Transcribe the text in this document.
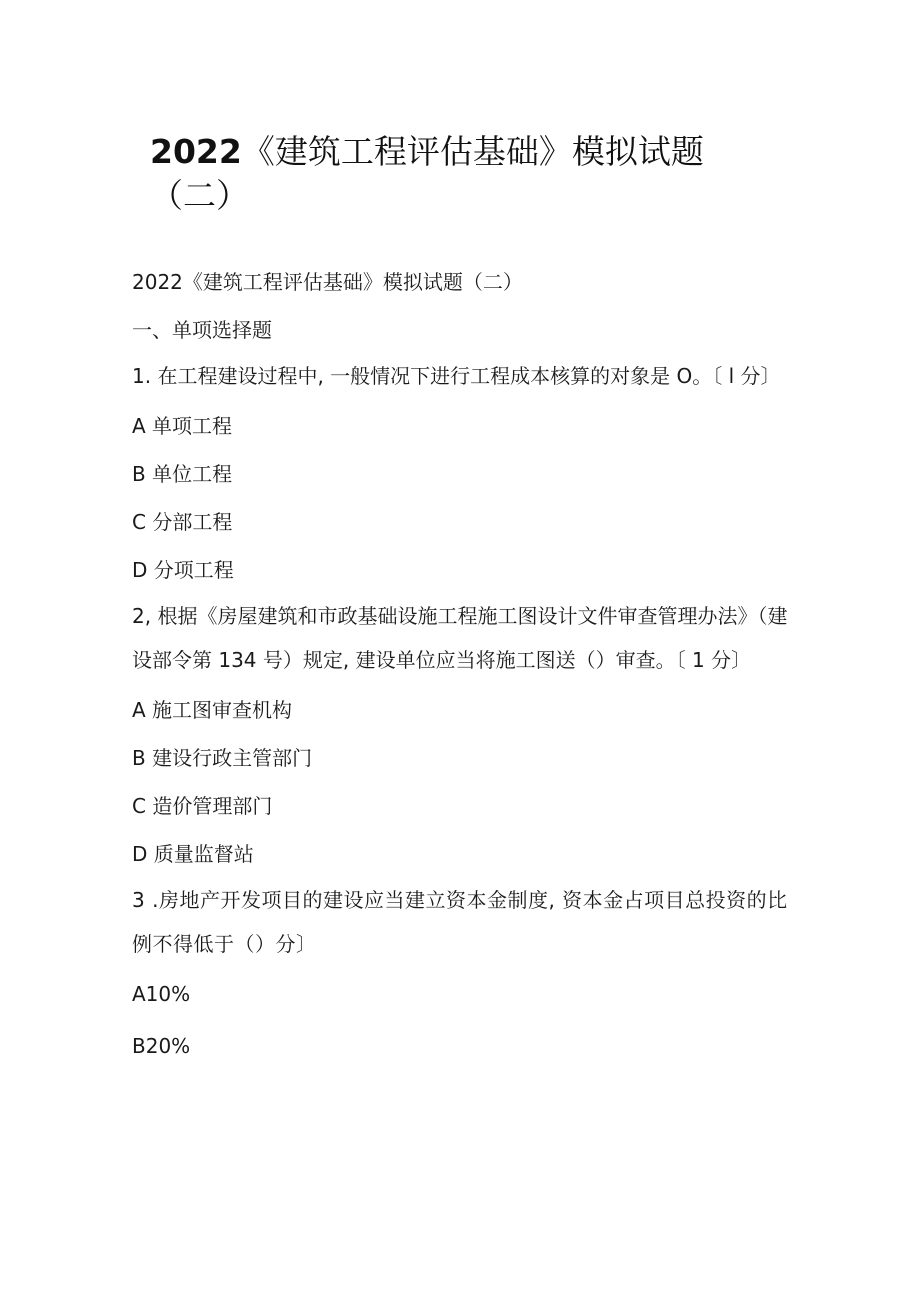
2022《建筑工程评估基础》模拟试题（二）

2022《建筑工程评估基础》模拟试题（二）

一、单项选择题

1. 在工程建设过程中, 一般情况下进行工程成本核算的对象是 O。〔 l 分〕

A 单项工程

B 单位工程

C 分部工程

D 分项工程

2, 根据《房屋建筑和市政基础设施工程施工图设计文件审查管理办法》（建设部令第 134 号）规定, 建设单位应当将施工图送（）审查。〔 1 分〕

A 施工图审查机构

B 建设行政主管部门

C 造价管理部门

D 质量监督站

3 .房地产开发项目的建设应当建立资本金制度, 资本金占项目总投资的比例不得低于（）分〕

A10%

B20%
